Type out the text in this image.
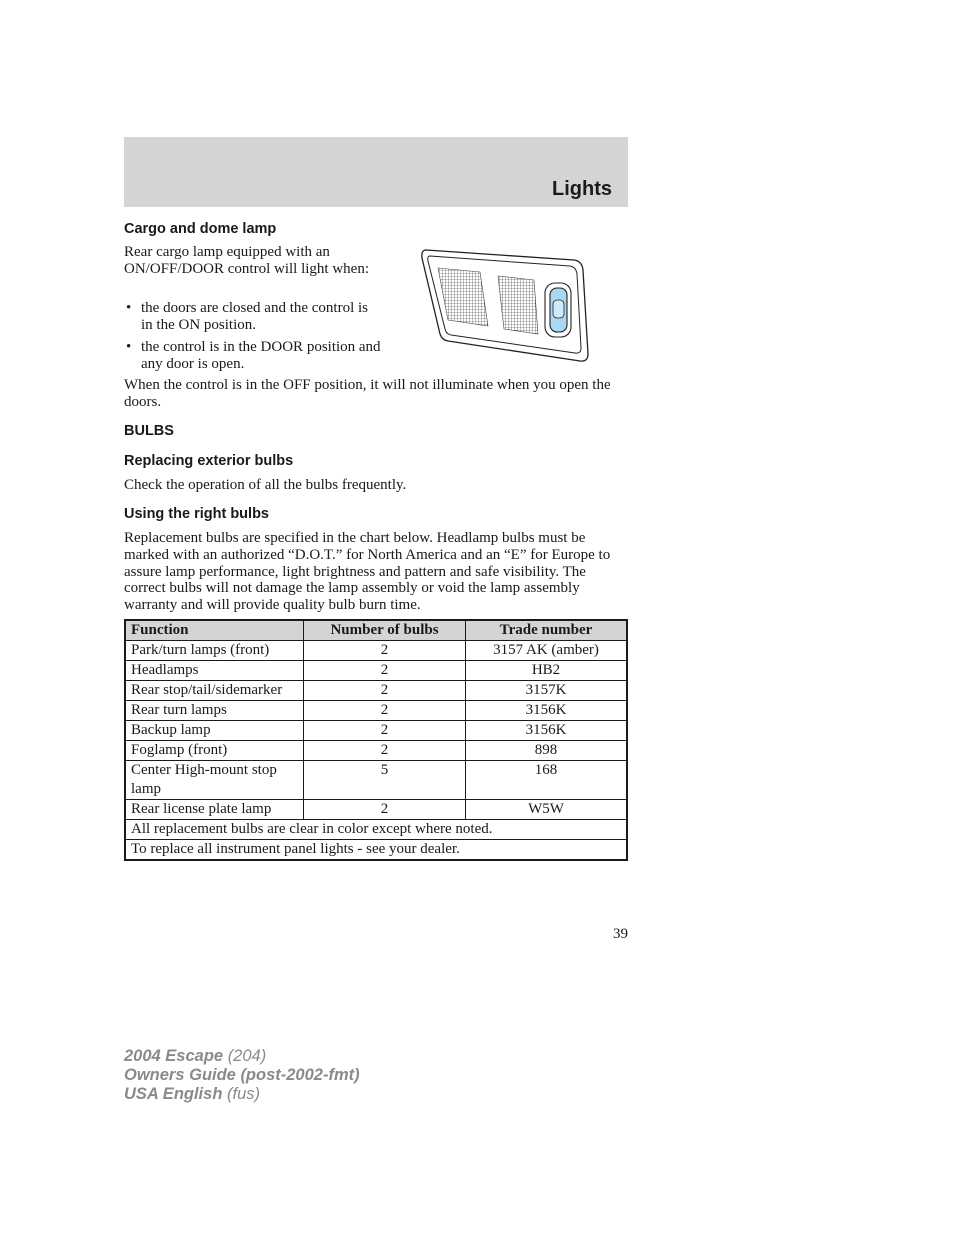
Lights
Cargo and dome lamp

Rear cargo lamp equipped with an ON/OFF/DOOR control will light when:

• the doors are closed and the control is in the ON position.
• the control is in the DOOR position and any door is open.

When the control is in the OFF position, it will not illuminate when you open the doors.

BULBS
Replacing exterior bulbs

Check the operation of all the bulbs frequently.

Using the right bulbs

Replacement bulbs are specified in the chart below. Headlamp bulbs must be marked with an authorized “D.O.T.” for North America and an “E” for Europe to assure lamp performance, light brightness and pattern and safe visibility. The correct bulbs will not damage the lamp assembly or void the lamp assembly warranty and will provide quality bulb burn time.

Function	Number of bulbs	Trade number
Park/turn lamps (front)	2	3157 AK (amber)
Headlamps	2	HB2
Rear stop/tail/sidemarker	2	3157K
Rear turn lamps	2	3156K
Backup lamp	2	3156K
Foglamp (front)	2	898
Center High-mount stop lamp	5	168
Rear license plate lamp	2	W5W
All replacement bulbs are clear in color except where noted.		
To replace all instrument panel lights - see your dealer.		
39
2004 Escape (204)
Owners Guide (post-2002-fmt)
USA English (fus)
